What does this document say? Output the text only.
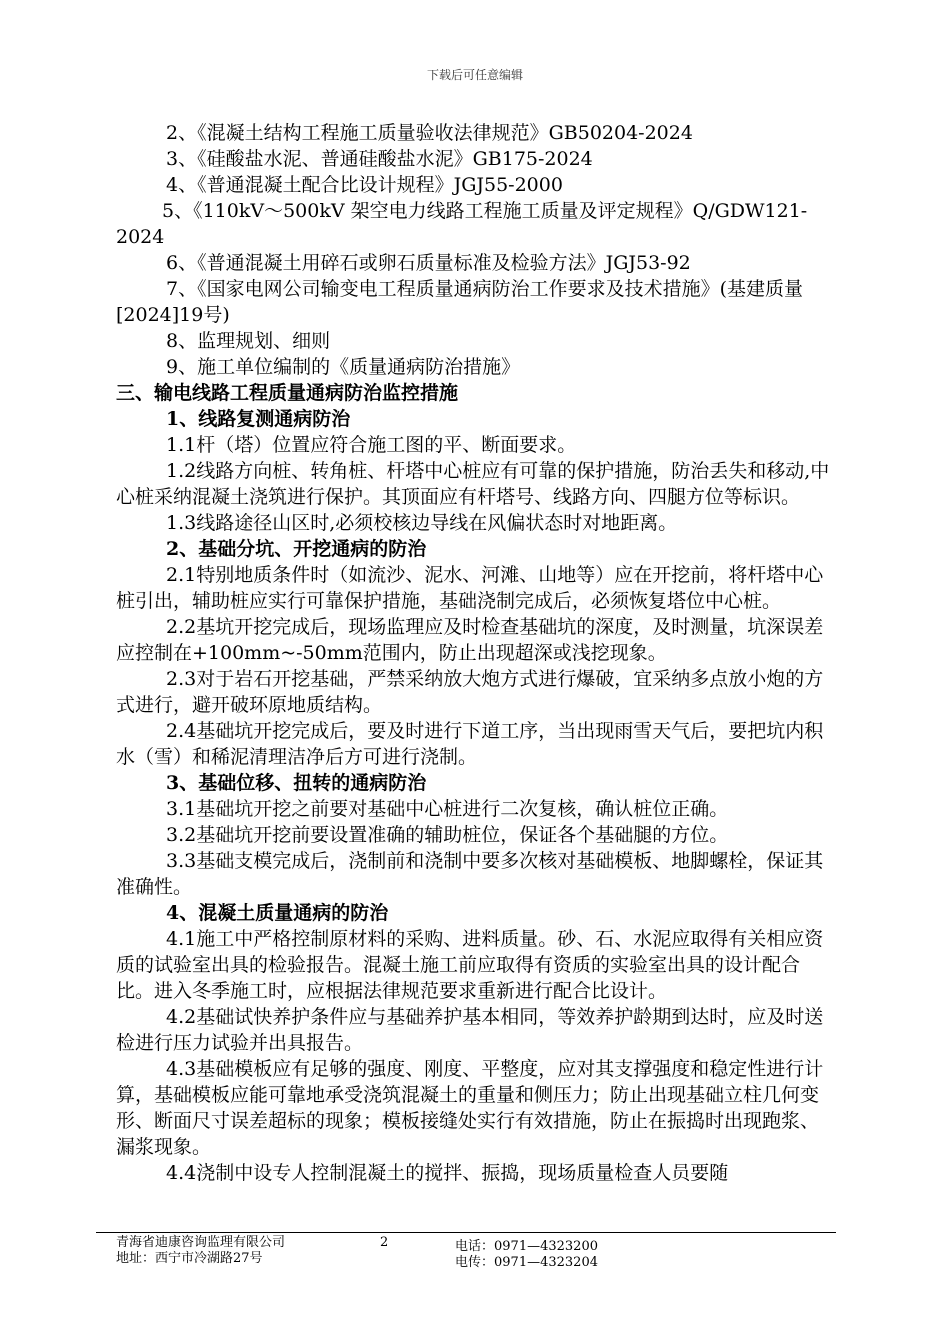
下载后可任意编辑
2、《混凝土结构工程施工质量验收法律规范》GB50204-2024
3、《硅酸盐水泥、普通硅酸盐水泥》GB175-2024
4、《普通混凝土配合比设计规程》JGJ55-2000
5、《110kV～500kV 架空电力线路工程施工质量及评定规程》Q/GDW121-2024
6、《普通混凝土用碎石或卵石质量标准及检验方法》JGJ53-92
7、《国家电网公司输变电工程质量通病防治工作要求及技术措施》(基建质量[2024]19号)
8、监理规划、细则
9、施工单位编制的《质量通病防治措施》
三、输电线路工程质量通病防治监控措施
1、线路复测通病防治
1.1杆（塔）位置应符合施工图的平、断面要求。
1.2线路方向桩、转角桩、杆塔中心桩应有可靠的保护措施，防治丢失和移动,中心桩采纳混凝土浇筑进行保护。其顶面应有杆塔号、线路方向、四腿方位等标识。
1.3线路途径山区时,必须校核边导线在风偏状态时对地距离。
2、基础分坑、开挖通病的防治
2.1特别地质条件时（如流沙、泥水、河滩、山地等）应在开挖前，将杆塔中心桩引出，辅助桩应实行可靠保护措施，基础浇制完成后，必须恢复塔位中心桩。
2.2基坑开挖完成后，现场监理应及时检查基础坑的深度，及时测量，坑深误差应控制在+100mm~-50mm范围内，防止出现超深或浅挖现象。
2.3对于岩石开挖基础，严禁采纳放大炮方式进行爆破，宜采纳多点放小炮的方式进行，避开破环原地质结构。
2.4基础坑开挖完成后，要及时进行下道工序，当出现雨雪天气后，要把坑内积水（雪）和稀泥清理洁净后方可进行浇制。
3、基础位移、扭转的通病防治
3.1基础坑开挖之前要对基础中心桩进行二次复核，确认桩位正确。
3.2基础坑开挖前要设置准确的辅助桩位，保证各个基础腿的方位。
3.3基础支模完成后，浇制前和浇制中要多次核对基础模板、地脚螺栓，保证其准确性。
4、混凝土质量通病的防治
4.1施工中严格控制原材料的采购、进料质量。砂、石、水泥应取得有关相应资质的试验室出具的检验报告。混凝土施工前应取得有资质的实验室出具的设计配合比。进入冬季施工时，应根据法律规范要求重新进行配合比设计。
4.2基础试快养护条件应与基础养护基本相同，等效养护龄期到达时，应及时送检进行压力试验并出具报告。
4.3基础模板应有足够的强度、刚度、平整度，应对其支撑强度和稳定性进行计算，基础模板应能可靠地承受浇筑混凝土的重量和侧压力；防止出现基础立柱几何变形、断面尺寸误差超标的现象；模板接缝处实行有效措施，防止在振捣时出现跑浆、漏浆现象。
4.4浇制中设专人控制混凝土的搅拌、振捣，现场质量检查人员要随
青海省迪康咨询监理有限公司
地址：西宁市冷湖路27号
2	电话：0971—4323200
电传：0971—4323204
